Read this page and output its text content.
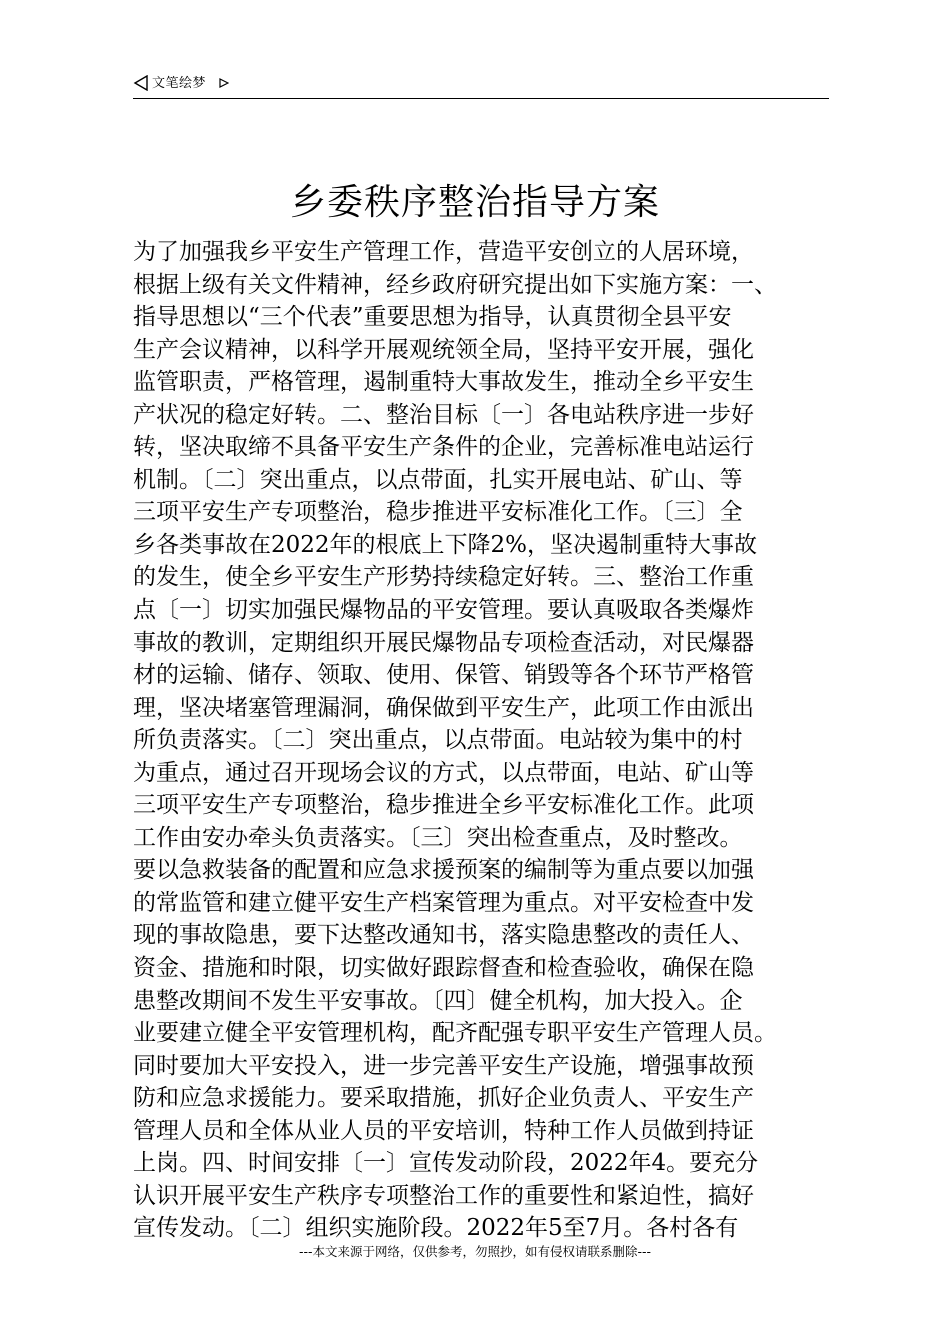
文笔绘梦
乡委秩序整治指导方案
为了加强我乡平安生产管理工作，营造平安创立的人居环境，
根据上级有关文件精神，经乡政府研究提出如下实施方案：一、
指导思想以“三个代表”重要思想为指导，认真贯彻全县平安
生产会议精神，以科学开展观统领全局，坚持平安开展，强化
监管职责，严格管理，遏制重特大事故发生，推动全乡平安生
产状况的稳定好转。二、整治目标〔一〕各电站秩序进一步好
转，坚决取缔不具备平安生产条件的企业，完善标准电站运行
机制。〔二〕突出重点，以点带面，扎实开展电站、矿山、等
三项平安生产专项整治，稳步推进平安标准化工作。〔三〕全
乡各类事故在2022年的根底上下降2%，坚决遏制重特大事故
的发生，使全乡平安生产形势持续稳定好转。三、整治工作重
点〔一〕切实加强民爆物品的平安管理。要认真吸取各类爆炸
事故的教训，定期组织开展民爆物品专项检查活动，对民爆器
材的运输、储存、领取、使用、保管、销毁等各个环节严格管
理，坚决堵塞管理漏洞，确保做到平安生产，此项工作由派出
所负责落实。〔二〕突出重点，以点带面。电站较为集中的村
为重点，通过召开现场会议的方式，以点带面，电站、矿山等
三项平安生产专项整治，稳步推进全乡平安标准化工作。此项
工作由安办牵头负责落实。〔三〕突出检查重点，及时整改。
要以急救装备的配置和应急求援预案的编制等为重点要以加强
的常监管和建立健平安生产档案管理为重点。对平安检查中发
现的事故隐患，要下达整改通知书，落实隐患整改的责任人、
资金、措施和时限，切实做好跟踪督查和检查验收，确保在隐
患整改期间不发生平安事故。〔四〕健全机构，加大投入。企
业要建立健全平安管理机构，配齐配强专职平安生产管理人员。
同时要加大平安投入，进一步完善平安生产设施，增强事故预
防和应急求援能力。要采取措施，抓好企业负责人、平安生产
管理人员和全体从业人员的平安培训，特种工作人员做到持证
上岗。四、时间安排〔一〕宣传发动阶段，2022年4。要充分
认识开展平安生产秩序专项整治工作的重要性和紧迫性，搞好
宣传发动。〔二〕组织实施阶段。2022年5至7月。各村各有
---本文来源于网络，仅供参考，勿照抄，如有侵权请联系删除---
